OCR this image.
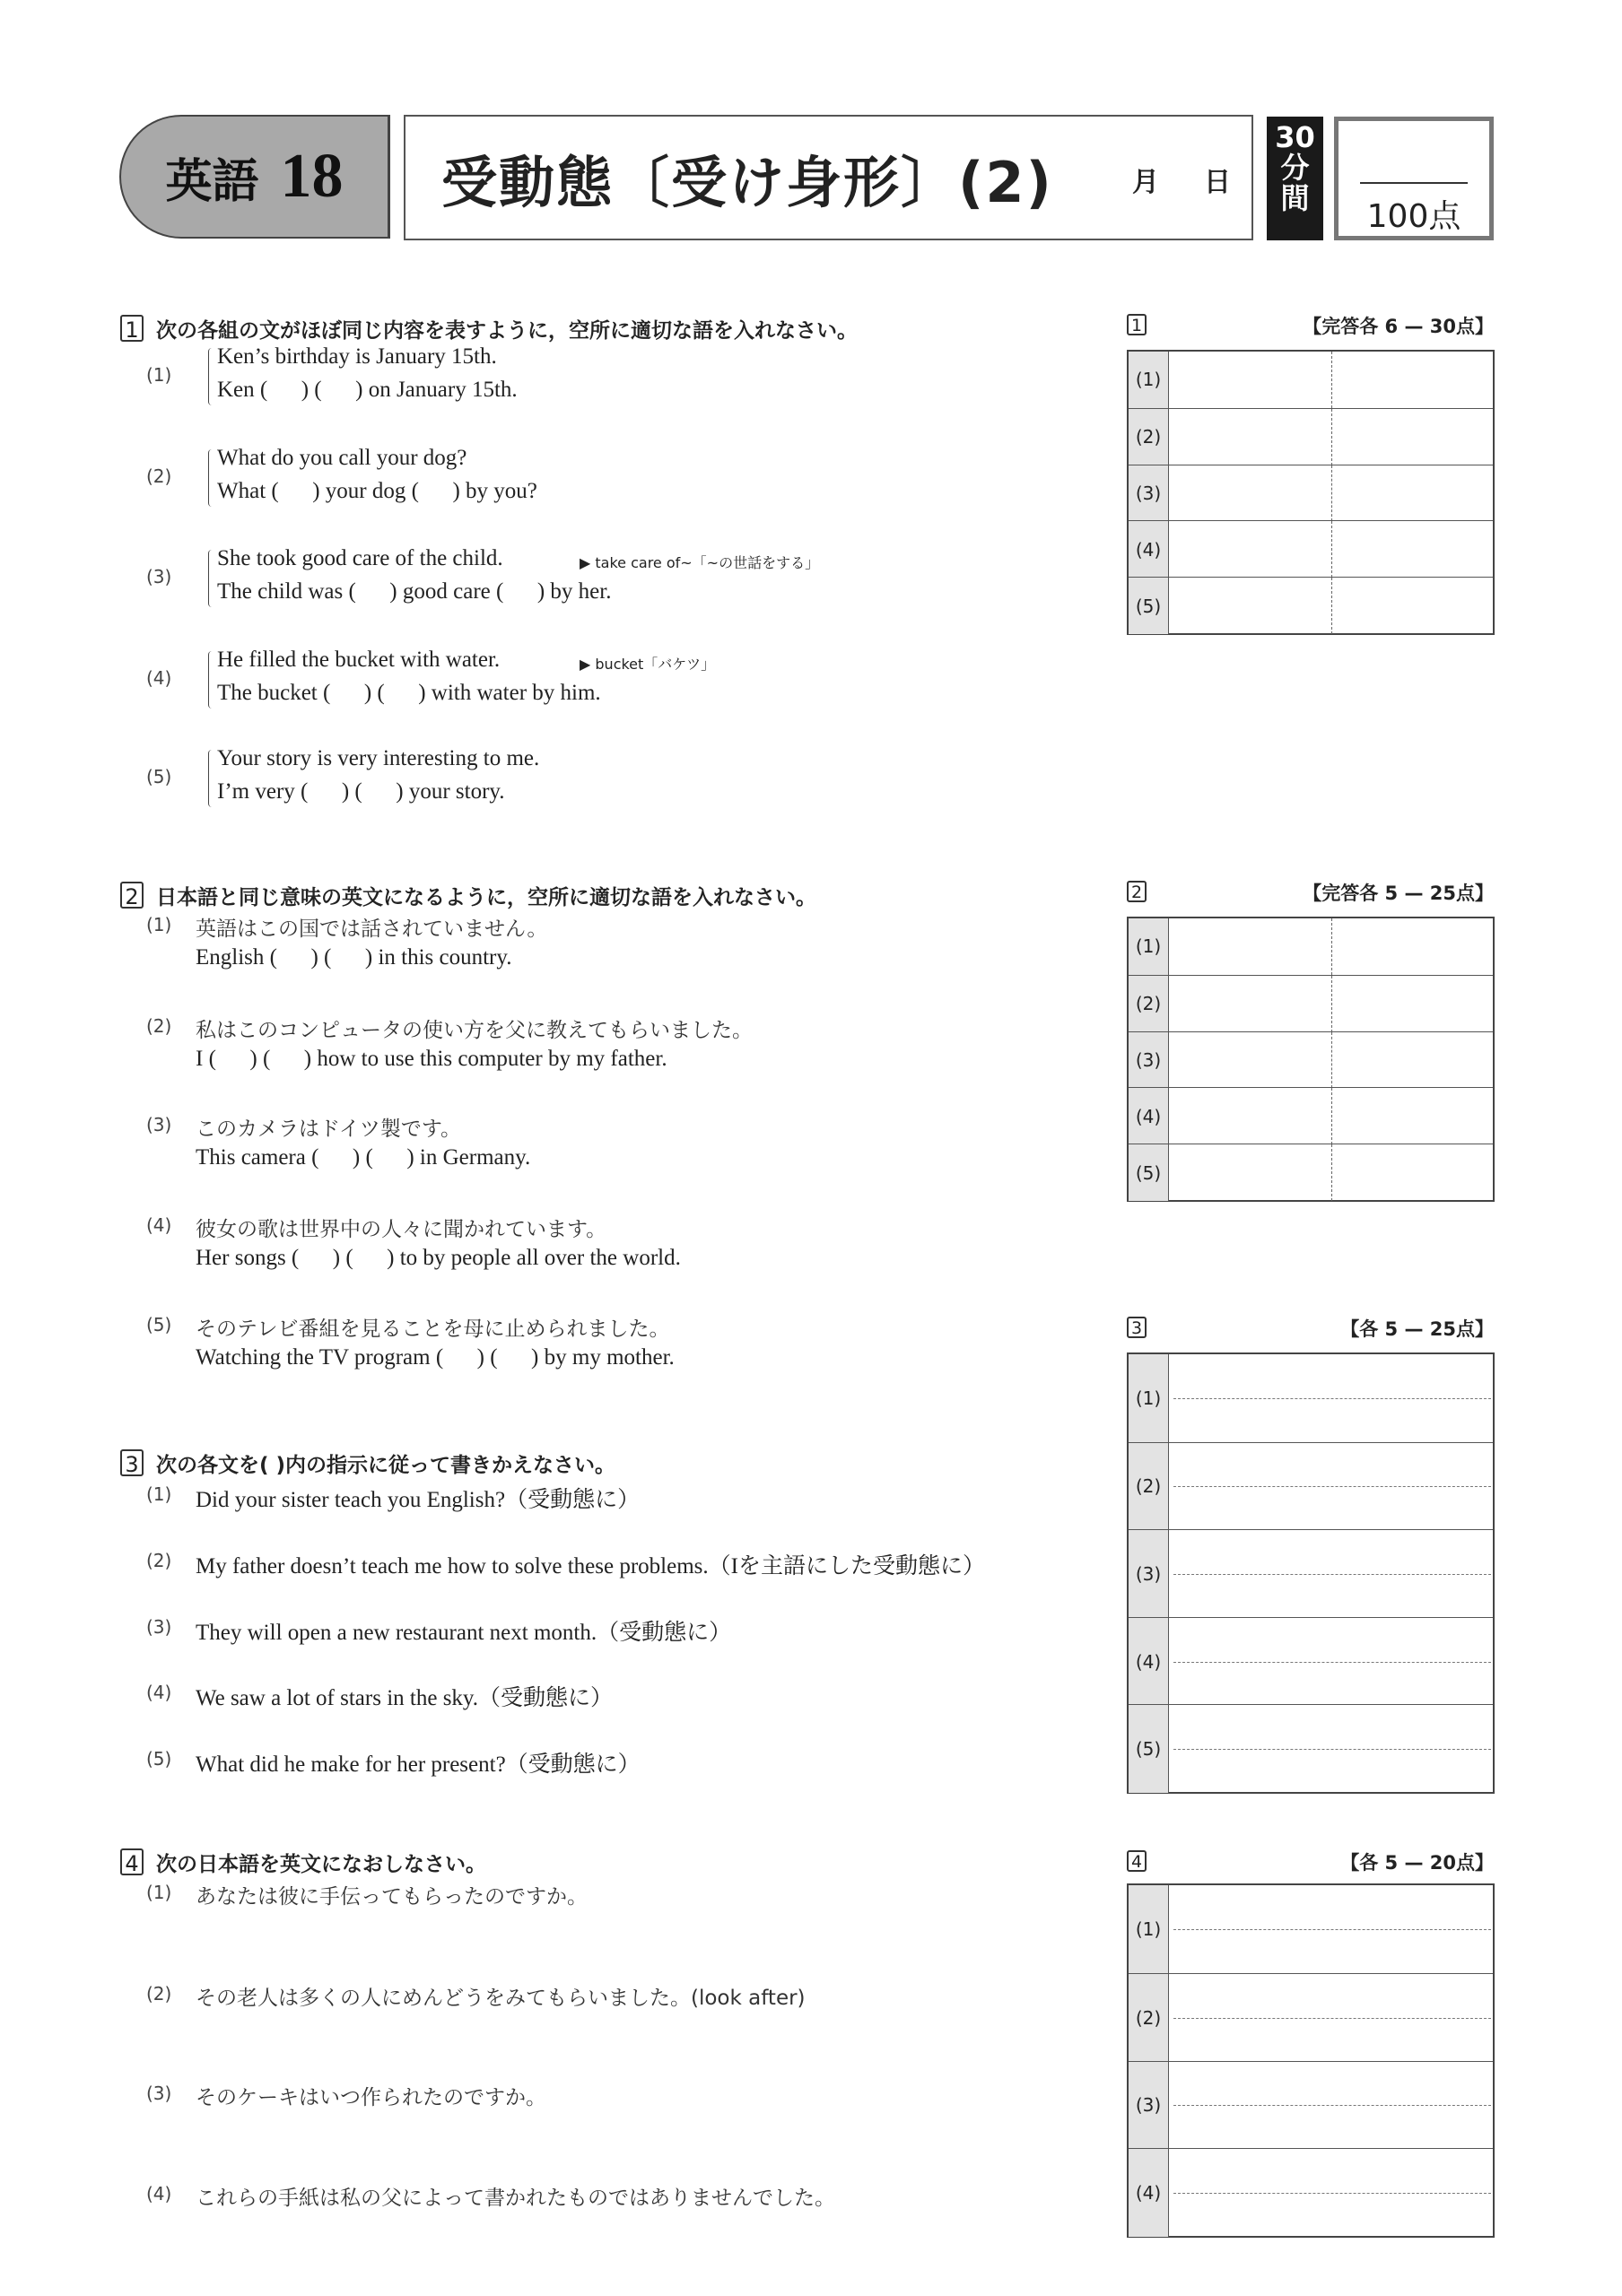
英語 18 受動態〔受け身形〕(2)	月 日
30
分
間	100点
1 次の各組の文がほぼ同じ内容を表すように，空所に適切な語を入れなさい。
(1)
Ken’s birthday is January 15th.
Ken (      ) (      ) on January 15th.
(2)
What do you call your dog?
What (      ) your dog (      ) by you?
(3)
She took good care of the child.
The child was (      ) good care (      ) by her.
▶ take care of~「~の世話をする」
(4)
He filled the bucket with water.
The bucket (      ) (      ) with water by him.
▶ bucket「バケツ」
(5)
Your story is very interesting to me.
I’m very (      ) (      ) your story.
1	【完答各 6 — 30点】
(1)
(2)
(3)
(4)
(5)
2 日本語と同じ意味の英文になるように，空所に適切な語を入れなさい。
(1) 英語はこの国では話されていません。
English (      ) (      ) in this country.
(2) 私はこのコンピュータの使い方を父に教えてもらいました。
I (      ) (      ) how to use this computer by my father.
(3) このカメラはドイツ製です。
This camera (      ) (      ) in Germany.
(4) 彼女の歌は世界中の人々に聞かれています。
Her songs (      ) (      ) to by people all over the world.
(5) そのテレビ番組を見ることを母に止められました。
Watching the TV program (      ) (      ) by my mother.
2	【完答各 5 — 25点】
(1)
(2)
(3)
(4)
(5)
3 次の各文を( )内の指示に従って書きかえなさい。
(1) Did your sister teach you English?（受動態に）
(2) My father doesn’t teach me how to solve these problems.（Iを主語にした受動態に）
(3) They will open a new restaurant next month.（受動態に）
(4) We saw a lot of stars in the sky.（受動態に）
(5) What did he make for her present?（受動態に）
3	【各 5 — 25点】
(1)
(2)
(3)
(4)
(5)
4 次の日本語を英文になおしなさい。
(1) あなたは彼に手伝ってもらったのですか。
(2) その老人は多くの人にめんどうをみてもらいました。(look after)
(3) そのケーキはいつ作られたのですか。
(4) これらの手紙は私の父によって書かれたものではありませんでした。
4	【各 5 — 20点】
(1)
(2)
(3)
(4)
